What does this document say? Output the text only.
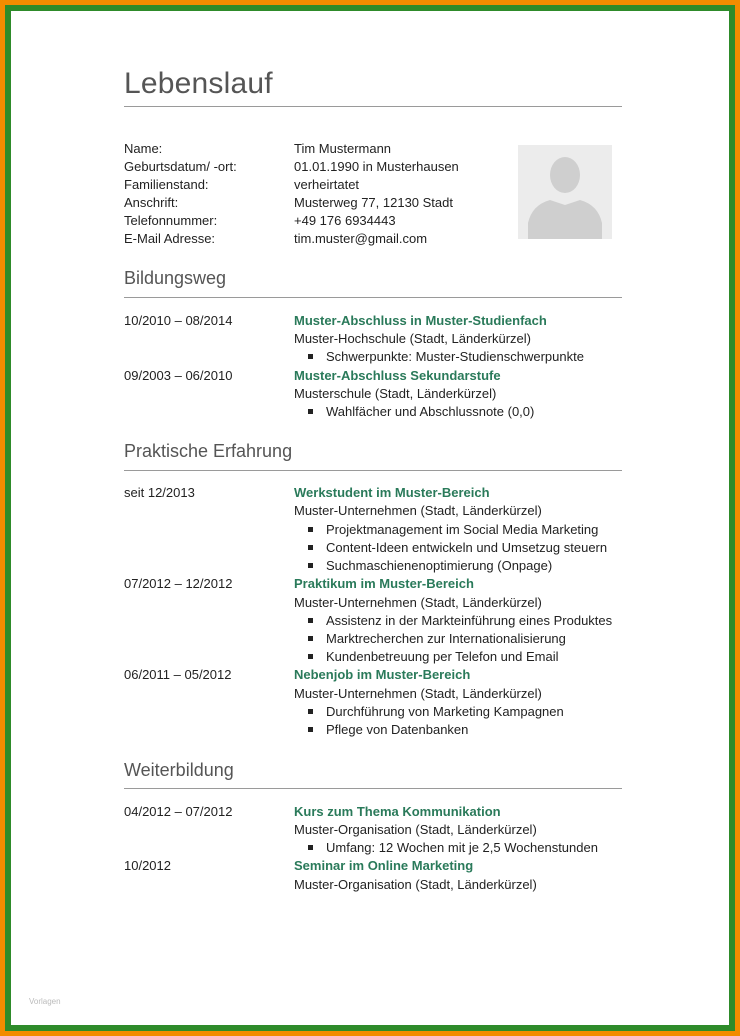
Lebenslauf
Name:	Tim Mustermann
Geburtsdatum/ -ort:	01.01.1990 in Musterhausen
Familienstand:	verheirtatet
Anschrift:	Musterweg 77, 12130 Stadt
Telefonnummer:	+49 176 6934443
E-Mail Adresse:	tim.muster@gmail.com
Bildungsweg
10/2010 – 08/2014	Muster-Abschluss in Muster-Studienfach
Muster-Hochschule (Stadt, Länderkürzel)
Schwerpunkte: Muster-Studienschwerpunkte
09/2003 – 06/2010	Muster-Abschluss Sekundarstufe
Musterschule (Stadt, Länderkürzel)
Wahlfächer und Abschlussnote (0,0)
Praktische Erfahrung
seit 12/2013	Werkstudent im Muster-Bereich
Muster-Unternehmen (Stadt, Länderkürzel)
Projektmanagement im Social Media Marketing
Content-Ideen entwickeln und Umsetzug steuern
Suchmaschienenoptimierung (Onpage)
07/2012 – 12/2012	Praktikum im Muster-Bereich
Muster-Unternehmen (Stadt, Länderkürzel)
Assistenz in der Markteinführung eines Produktes
Marktrecherchen zur Internationalisierung
Kundenbetreuung per Telefon und Email
06/2011 – 05/2012	Nebenjob im Muster-Bereich
Muster-Unternehmen (Stadt, Länderkürzel)
Durchführung von Marketing Kampagnen
Pflege von Datenbanken
Weiterbildung
04/2012 – 07/2012	Kurs zum Thema Kommunikation
Muster-Organisation (Stadt, Länderkürzel)
Umfang: 12 Wochen mit je 2,5 Wochenstunden
10/2012	Seminar im Online Marketing
Muster-Organisation (Stadt, Länderkürzel)
Vorlagen
